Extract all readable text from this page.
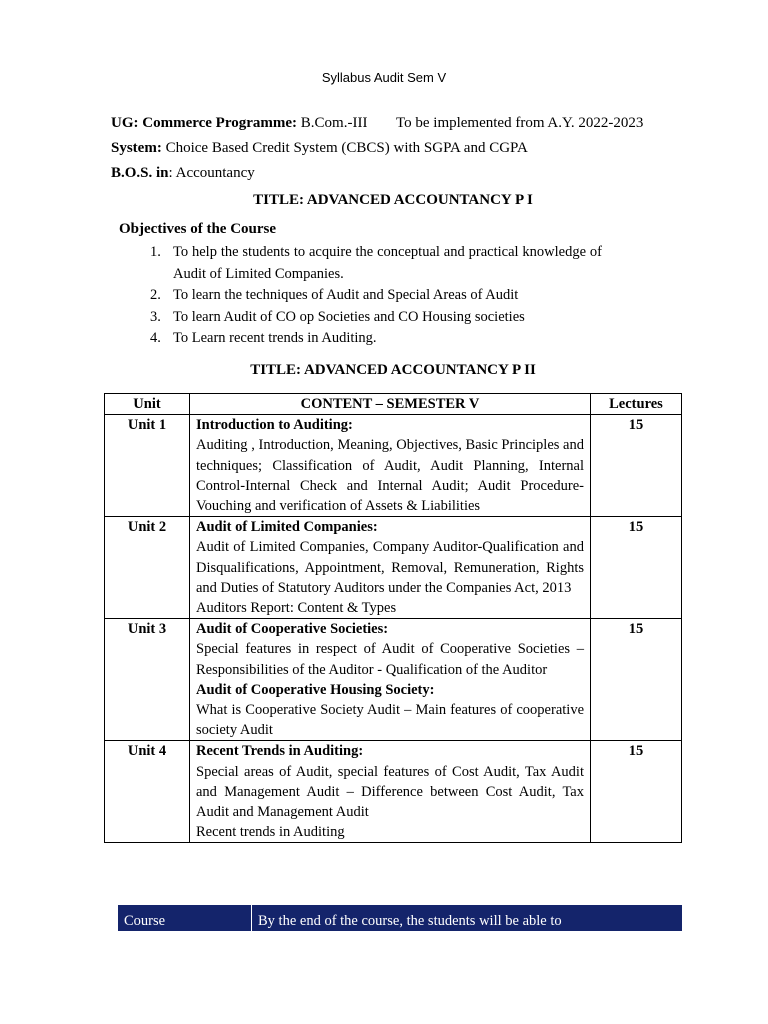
Syllabus Audit Sem V
UG: Commerce Programme: B.Com.-III To be implemented from A.Y. 2022-2023
System: Choice Based Credit System (CBCS) with SGPA and CGPA
B.O.S. in: Accountancy
TITLE: ADVANCED ACCOUNTANCY P I
Objectives of the Course
1. To help the students to acquire the conceptual and practical knowledge of Audit of Limited Companies.
2. To learn the techniques of Audit and Special Areas of Audit
3. To learn Audit of CO op Societies and CO Housing societies
4. To Learn recent trends in Auditing.
TITLE: ADVANCED ACCOUNTANCY P II
Unit	CONTENT – SEMESTER V	Lectures
Unit 1	Introduction to Auditing:
Auditing , Introduction, Meaning, Objectives, Basic Principles and techniques; Classification of Audit, Audit Planning, Internal Control-Internal Check and Internal Audit; Audit Procedure-Vouching and verification of Assets & Liabilities	15
Unit 2	Audit of Limited Companies:
Audit of Limited Companies, Company Auditor-Qualification and Disqualifications, Appointment, Removal, Remuneration, Rights and Duties of Statutory Auditors under the Companies Act, 2013
Auditors Report: Content & Types	15
Unit 3	Audit of Cooperative Societies:
Special features in respect of Audit of Cooperative Societies – Responsibilities of the Auditor - Qualification of the Auditor
Audit of Cooperative Housing Society:
What is Cooperative Society Audit – Main features of cooperative society Audit	15
Unit 4	Recent Trends in Auditing:
Special areas of Audit, special features of Cost Audit, Tax Audit and Management Audit – Difference between Cost Audit, Tax Audit and Management Audit
Recent trends in Auditing	15
Course	By the end of the course, the students will be able to
